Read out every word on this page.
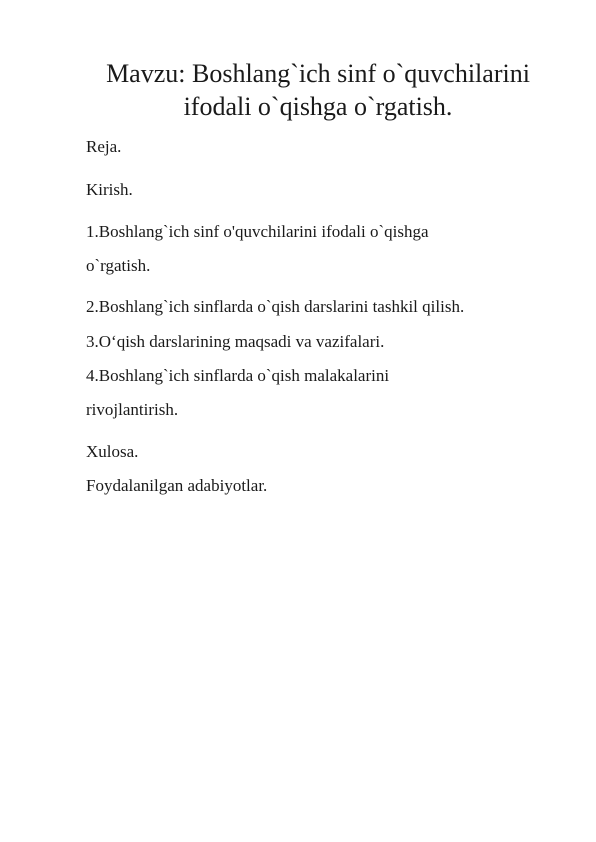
Mavzu: Boshlang`ich sinf o`quvchilarini
ifodali o`qishga o`rgatish.

Reja.

Kirish.

1.Boshlang`ich sinf o'quvchilarini ifodali o`qishga

o`rgatish.

2.Boshlang`ich sinflarda o`qish darslarini tashkil qilish.

3.O‘qish darslarining maqsadi va vazifalari.

4.Boshlang`ich sinflarda o`qish malakalarini

rivojlantirish.

Xulosa.

Foydalanilgan adabiyotlar.
